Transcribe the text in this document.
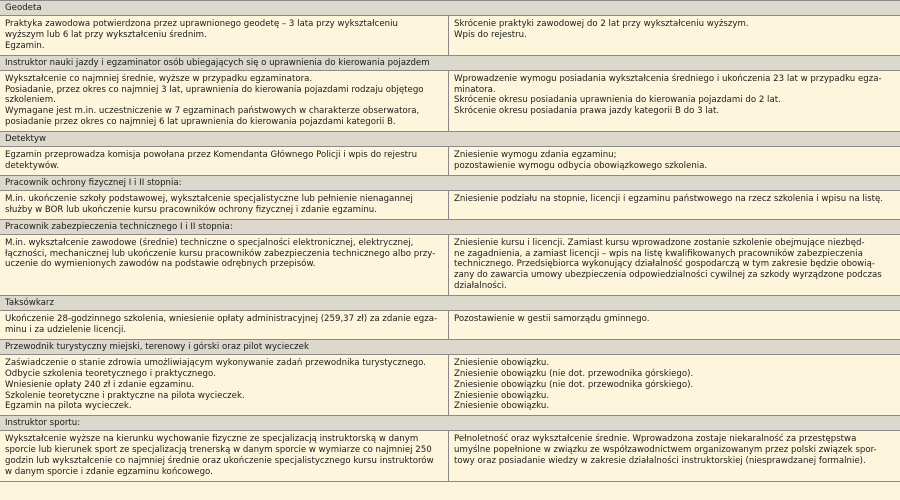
Geodeta
Praktyka zawodowa potwierdzona przez uprawnionego geodetę – 3 lata przy wykształceniu
wyższym lub 6 lat przy wykształceniu średnim.
Egzamin.
Skrócenie praktyki zawodowej do 2 lat przy wykształceniu wyższym.
Wpis do rejestru.
Instruktor nauki jazdy i egzaminator osób ubiegających się o uprawnienia do kierowania pojazdem
Wykształcenie co najmniej średnie, wyższe w przypadku egzaminatora.
Posiadanie, przez okres co najmniej 3 lat, uprawnienia do kierowania pojazdami rodzaju objętego
szkoleniem.
Wymagane jest m.in. uczestniczenie w 7 egzaminach państwowych w charakterze obserwatora,
posiadanie przez okres co najmniej 6 lat uprawnienia do kierowania pojazdami kategorii B.
Wprowadzenie wymogu posiadania wykształcenia średniego i ukończenia 23 lat w przypadku egza-
minatora.
Skrócenie okresu posiadania uprawnienia do kierowania pojazdami do 2 lat.
Skrócenie okresu posiadania prawa jazdy kategorii B do 3 lat.
Detektyw
Egzamin przeprowadza komisja powołana przez Komendanta Głównego Policji i wpis do rejestru
detektywów.
Zniesienie wymogu zdania egzaminu;
pozostawienie wymogu odbycia obowiązkowego szkolenia.
Pracownik ochrony fizycznej I i II stopnia:
M.in. ukończenie szkoły podstawowej, wykształcenie specjalistyczne lub pełnienie nienagannej
służby w BOR lub ukończenie kursu pracowników ochrony fizycznej i zdanie egzaminu.
Zniesienie podziału na stopnie, licencji i egzaminu państwowego na rzecz szkolenia i wpisu na listę.
Pracownik zabezpieczenia technicznego I i II stopnia:
M.in. wykształcenie zawodowe (średnie) techniczne o specjalności elektronicznej, elektrycznej,
łączności, mechanicznej lub ukończenie kursu pracowników zabezpieczenia technicznego albo przy-
uczenie do wymienionych zawodów na podstawie odrębnych przepisów.
Zniesienie kursu i licencji. Zamiast kursu wprowadzone zostanie szkolenie obejmujące niezbęd-
ne zagadnienia, a zamiast licencji – wpis na listę kwalifikowanych pracowników zabezpieczenia
technicznego. Przedsiębiorca wykonujący działalność gospodarczą w tym zakresie będzie obowią-
zany do zawarcia umowy ubezpieczenia odpowiedzialności cywilnej za szkody wyrządzone podczas
działalności.
Taksówkarz
Ukończenie 28-godzinnego szkolenia, wniesienie opłaty administracyjnej (259,37 zł) za zdanie egza-
minu i za udzielenie licencji.
Pozostawienie w gestii samorządu gminnego.
Przewodnik turystyczny miejski, terenowy i górski oraz pilot wycieczek
Zaświadczenie o stanie zdrowia umożliwiającym wykonywanie zadań przewodnika turystycznego.
Odbycie szkolenia teoretycznego i praktycznego.
Wniesienie opłaty 240 zł i zdanie egzaminu.
Szkolenie teoretyczne i praktyczne na pilota wycieczek.
Egzamin na pilota wycieczek.
Zniesienie obowiązku.
Zniesienie obowiązku (nie dot. przewodnika górskiego).
Zniesienie obowiązku (nie dot. przewodnika górskiego).
Zniesienie obowiązku.
Zniesienie obowiązku.
Instruktor sportu:
Wykształcenie wyższe na kierunku wychowanie fizyczne ze specjalizacją instruktorską w danym
sporcie lub kierunek sport ze specjalizacją trenerską w danym sporcie w wymiarze co najmniej 250
godzin lub wykształcenie co najmniej średnie oraz ukończenie specjalistycznego kursu instruktorów
w danym sporcie i zdanie egzaminu końcowego.
Pełnoletność oraz wykształcenie średnie. Wprowadzona zostaje niekaralność za przestępstwa
umyślne popełnione w związku ze współzawodnictwem organizowanym przez polski związek spor-
towy oraz posiadanie wiedzy w zakresie działalności instruktorskiej (niesprawdzanej formalnie).
